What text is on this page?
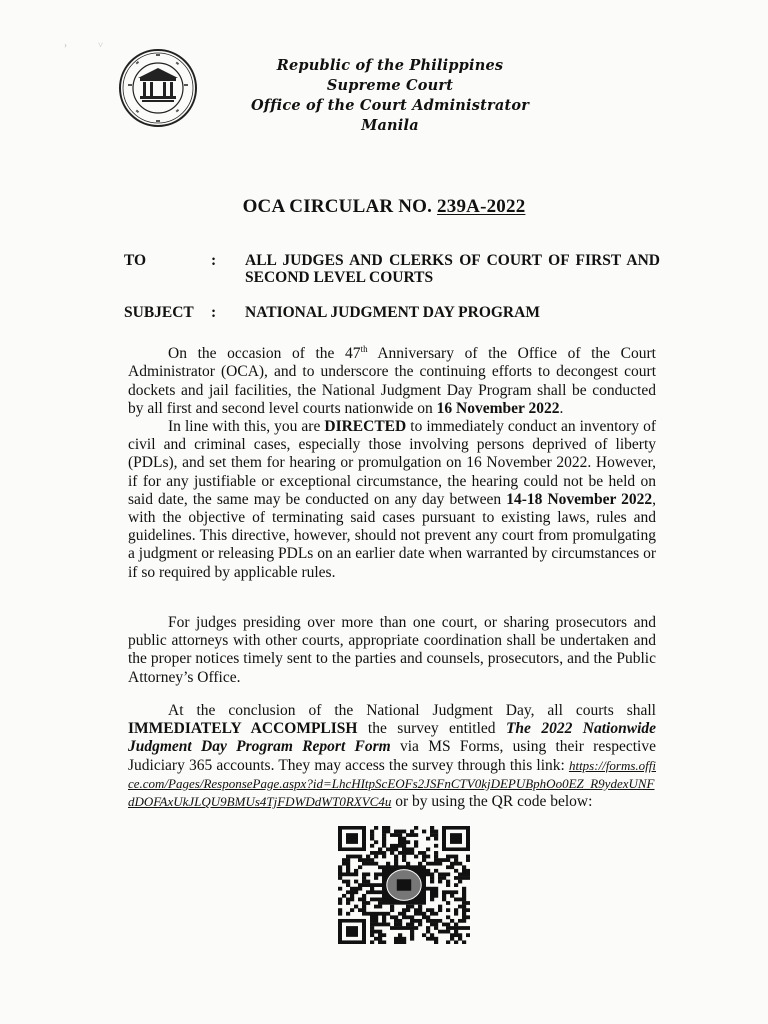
›	˅
Republic of the Philippines
Supreme Court
Office of the Court Administrator
Manila
OCA CIRCULAR NO. 239A-2022
TO	: ALL JUDGES AND CLERKS OF COURT OF FIRST AND SECOND LEVEL COURTS
SUBJECT : NATIONAL JUDGMENT DAY PROGRAM

On the occasion of the 47th Anniversary of the Office of the Court Administrator (OCA), and to underscore the continuing efforts to decongest court dockets and jail facilities, the National Judgment Day Program shall be conducted by all first and second level courts nationwide on 16 November 2022.

In line with this, you are DIRECTED to immediately conduct an inventory of civil and criminal cases, especially those involving persons deprived of liberty (PDLs), and set them for hearing or promulgation on 16 November 2022. However, if for any justifiable or exceptional circumstance, the hearing could not be held on said date, the same may be conducted on any day between 14-18 November 2022, with the objective of terminating said cases pursuant to existing laws, rules and guidelines. This directive, however, should not prevent any court from promulgating a judgment or releasing PDLs on an earlier date when warranted by circumstances or if so required by applicable rules.

For judges presiding over more than one court, or sharing prosecutors and public attorneys with other courts, appropriate coordination shall be undertaken and the proper notices timely sent to the parties and counsels, prosecutors, and the Public Attorney’s Office.

At the conclusion of the National Judgment Day, all courts shall IMMEDIATELY ACCOMPLISH the survey entitled The 2022 Nationwide Judgment Day Program Report Form via MS Forms, using their respective Judiciary 365 accounts. They may access the survey through this link: https://forms.office.com/Pages/ResponsePage.aspx?id=LhcHItpScEOFs2JSFnCTV0kjDEPUBphOo0EZ_R9ydexUNFdDOFAxUkJLQU9BMUs4TjFDWDdWT0RXVC4u or by using the QR code below:
